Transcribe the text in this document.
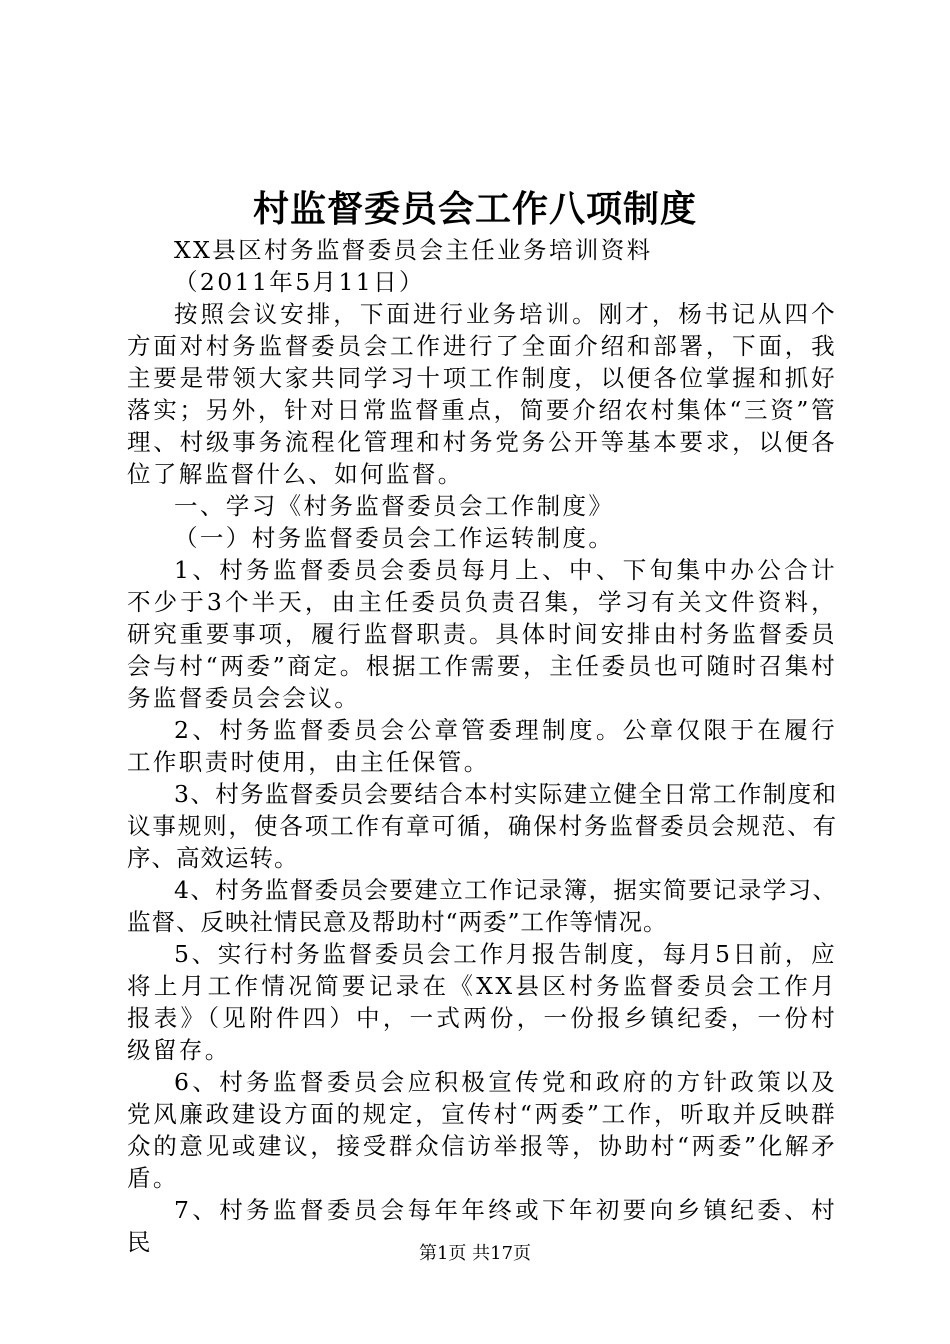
村监督委员会工作八项制度

XX县区村务监督委员会主任业务培训资料

（2011年5月11日）

按照会议安排，下面进行业务培训。刚才，杨书记从四个方面对村务监督委员会工作进行了全面介绍和部署，下面，我主要是带领大家共同学习十项工作制度，以便各位掌握和抓好落实；另外，针对日常监督重点，简要介绍农村集体“三资”管理、村级事务流程化管理和村务党务公开等基本要求，以便各位了解监督什么、如何监督。

一、学习《村务监督委员会工作制度》

（一）村务监督委员会工作运转制度。

1、村务监督委员会委员每月上、中、下旬集中办公合计不少于3个半天，由主任委员负责召集，学习有关文件资料，研究重要事项，履行监督职责。具体时间安排由村务监督委员会与村“两委”商定。根据工作需要，主任委员也可随时召集村务监督委员会会议。

2、村务监督委员会公章管委理制度。公章仅限于在履行工作职责时使用，由主任保管。

3、村务监督委员会要结合本村实际建立健全日常工作制度和议事规则，使各项工作有章可循，确保村务监督委员会规范、有序、高效运转。

4、村务监督委员会要建立工作记录簿，据实简要记录学习、监督、反映社情民意及帮助村“两委”工作等情况。

5、实行村务监督委员会工作月报告制度，每月5日前，应将上月工作情况简要记录在《XX县区村务监督委员会工作月报表》（见附件四）中，一式两份，一份报乡镇纪委，一份村级留存。

6、村务监督委员会应积极宣传党和政府的方针政策以及党风廉政建设方面的规定，宣传村“两委”工作，听取并反映群众的意见或建议，接受群众信访举报等，协助村“两委”化解矛盾。

7、村务监督委员会每年年终或下年初要向乡镇纪委、村民	第1页 共17页
